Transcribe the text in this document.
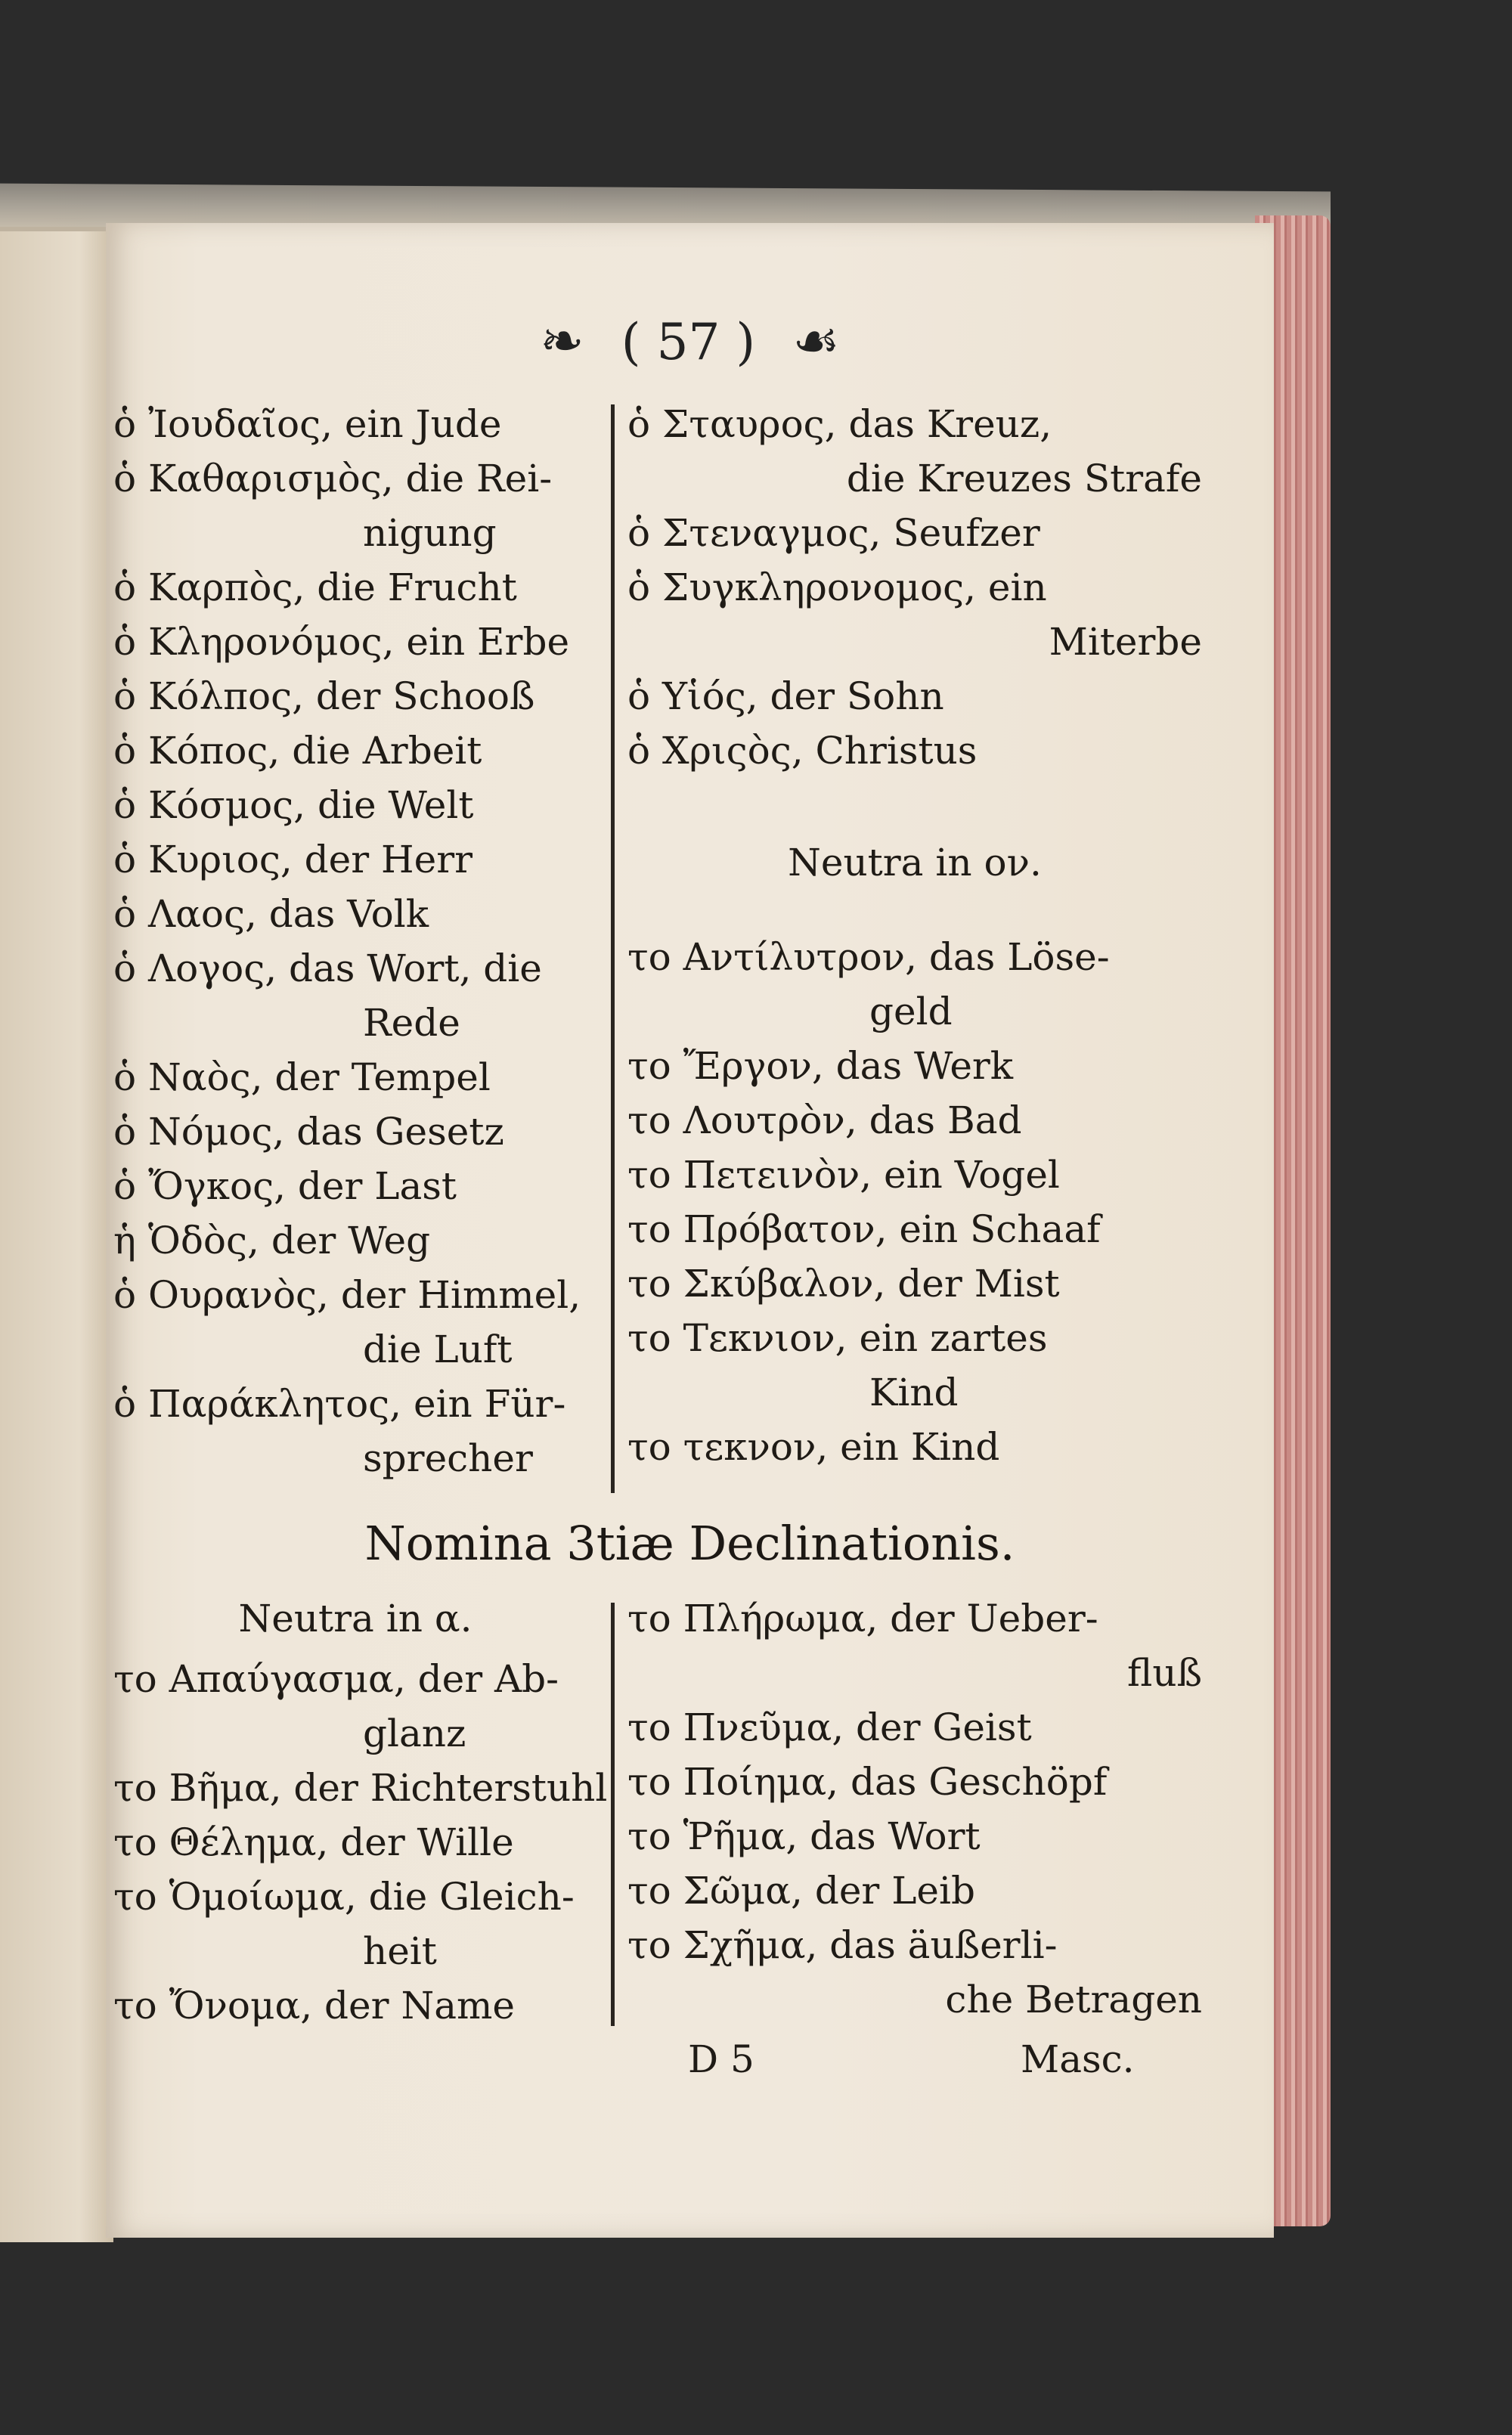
❧ ( 57 ) ☙
ὁ Ἰουδαῖος, ein Jude
ὁ Καθαρισμὸς, die Rei-
nigung
ὁ Καρπὸς, die Frucht
ὁ Κληρονόμος, ein Erbe
ὁ Κόλπος, der Schooß
ὁ Κόπος, die Arbeit
ὁ Κόσμος, die Welt
ὁ Κυριος, der Herr
ὁ Λαος, das Volk
ὁ Λογος, das Wort, die
Rede
ὁ Ναὸς, der Tempel
ὁ Νόμος, das Gesetz
ὁ Ὄγκος, der Last
ἡ Ὁδὸς, der Weg
ὁ Ουρανὸς, der Himmel,
die Luft
ὁ Παράκλητος, ein Für-
sprecher
ὁ Σταυρος, das Kreuz,
die Kreuzes Strafe
ὁ Στεναγμος, Seufzer
ὁ Συγκληρονομος, ein
Miterbe
ὁ Υἱός, der Sohn
ὁ Χριςὸς, Christus
Neutra in ον.
το Αντίλυτρον, das Löse-
geld
το Ἔργον, das Werk
το Λουτρὸν, das Bad
το Πετεινὸν, ein Vogel
το Πρόβατον, ein Schaaf
το Σκύβαλον, der Mist
το Τεκνιον, ein zartes
Kind
το τεκνον, ein Kind
Nomina 3tiæ Declinationis.
Neutra in α.
το Απαύγασμα, der Ab-
glanz
το Βῆμα, der Richterstuhl
το Θέλημα, der Wille
το Ὁμοίωμα, die Gleich-
heit
το Ὄνομα, der Name
το Πλήρωμα, der Ueber-
fluß
το Πνεῦμα, der Geist
το Ποίημα, das Geschöpf
το Ῥῆμα, das Wort
το Σῶμα, der Leib
το Σχῆμα, das äußerli-
che Betragen
D 5	Masc.
